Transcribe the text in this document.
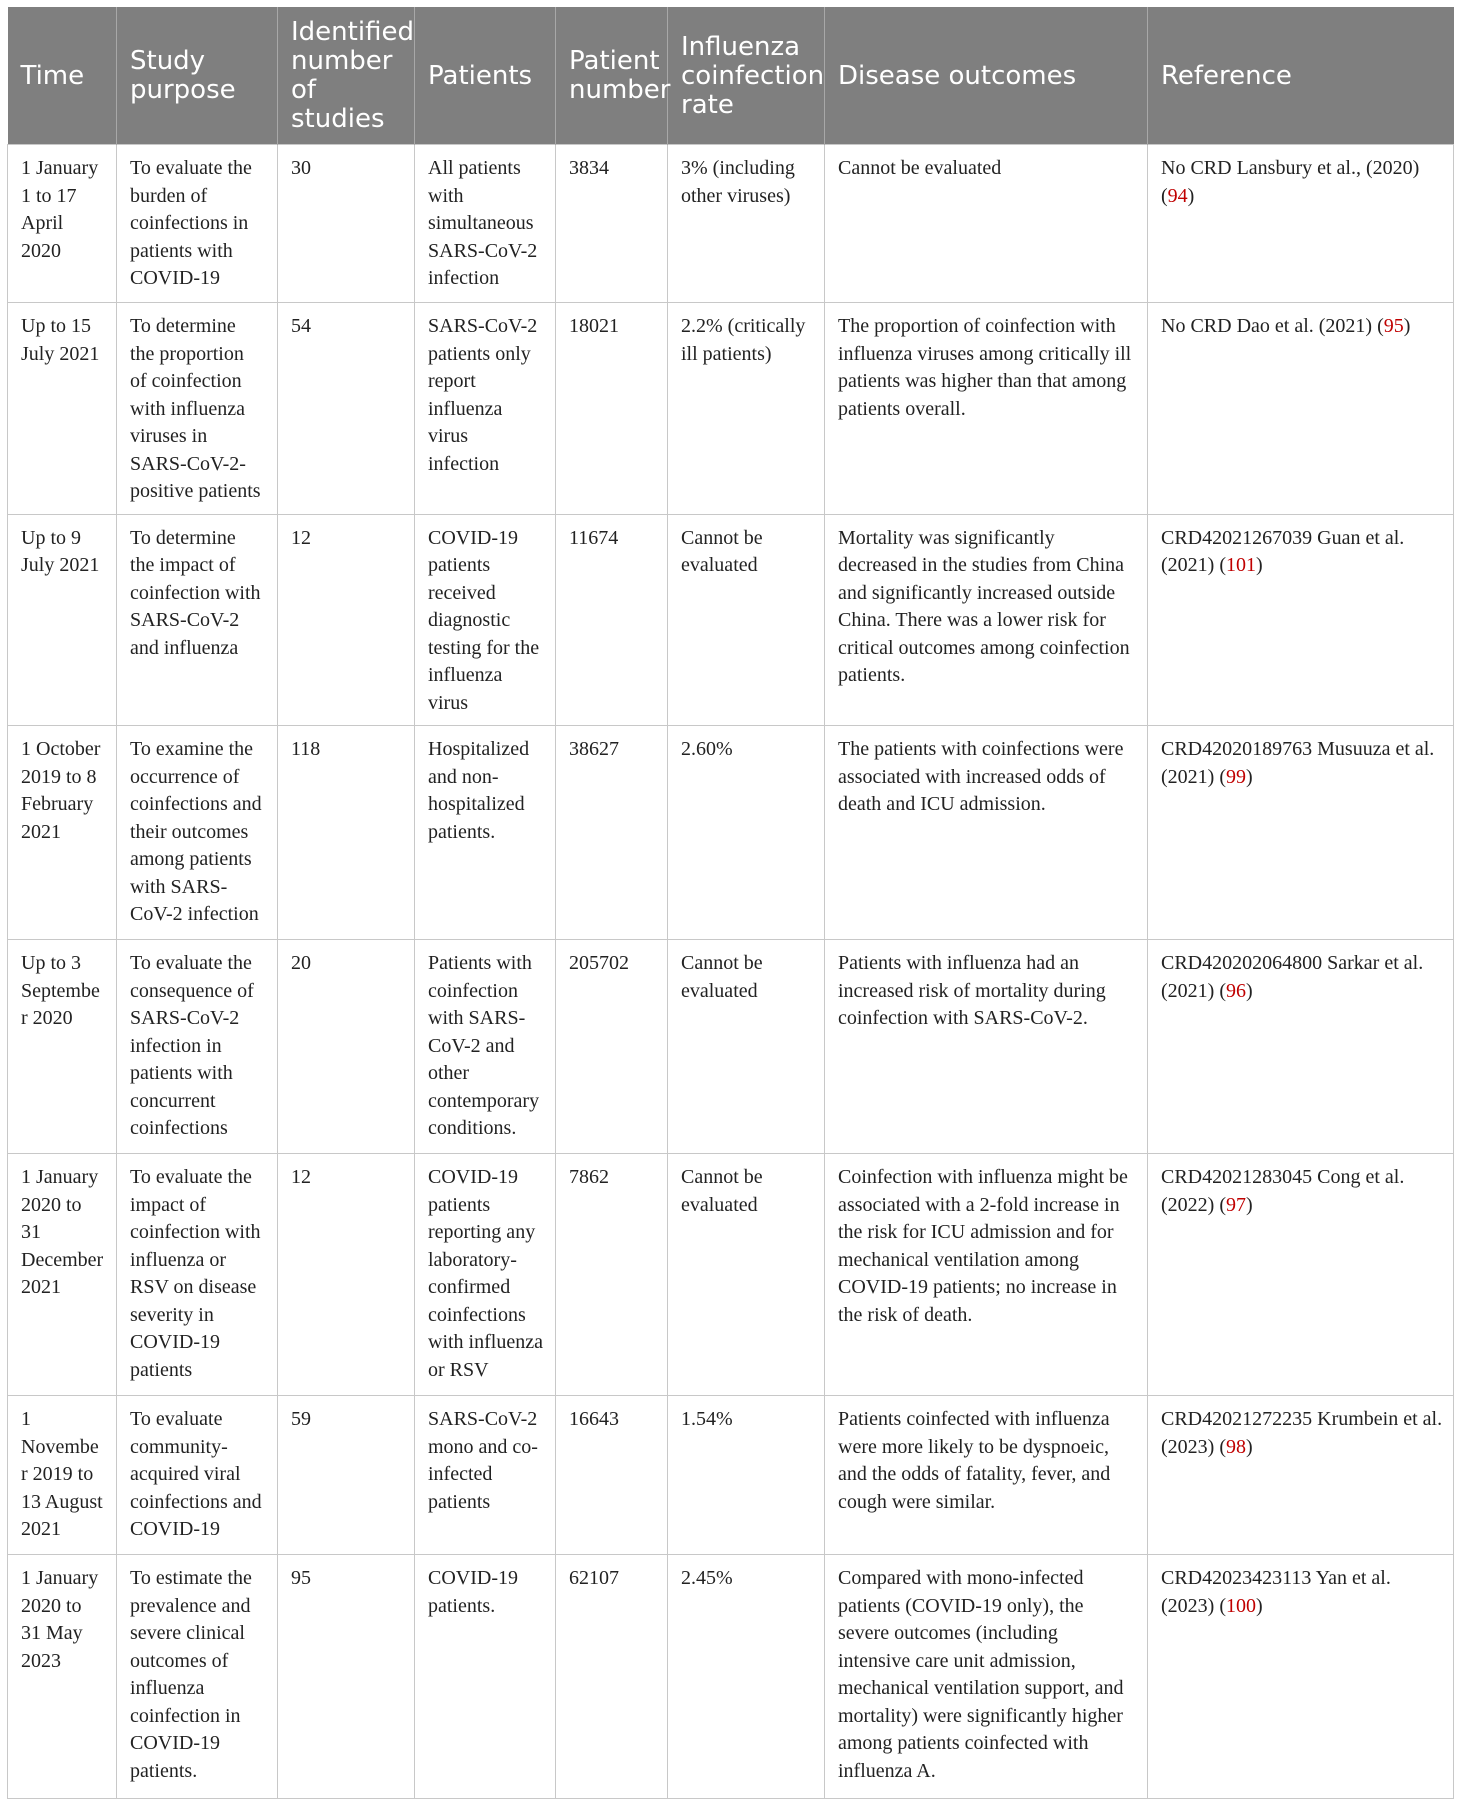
Time	Study purpose	Identified number of studies	Patients	Patient number	Influenza coinfection rate	Disease outcomes	Reference
1 January 1 to 17 April 2020	To evaluate the burden of coinfections in patients with COVID-19	30	All patients with simultaneous SARS-CoV-2 infection	3834	3% (including other viruses)	Cannot be evaluated	No CRD Lansbury et al., (2020) (94)
Up to 15 July 2021	To determine the proportion of coinfection with influenza viruses in SARS-CoV-2-positive patients	54	SARS-CoV-2 patients only report influenza virus infection	18021	2.2% (critically ill patients)	The proportion of coinfection with influenza viruses among critically ill patients was higher than that among patients overall.	No CRD Dao et al. (2021) (95)
Up to 9 July 2021	To determine the impact of coinfection with SARS-CoV-2 and influenza	12	COVID-19 patients received diagnostic testing for the influenza virus	11674	Cannot be evaluated	Mortality was significantly decreased in the studies from China and significantly increased outside China. There was a lower risk for critical outcomes among coinfection patients.	CRD42021267039 Guan et al. (2021) (101)
1 October 2019 to 8 February 2021	To examine the occurrence of coinfections and their outcomes among patients with SARS-CoV-2 infection	118	Hospitalized and non-hospitalized patients.	38627	2.60%	The patients with coinfections were associated with increased odds of death and ICU admission.	CRD42020189763 Musuuza et al. (2021) (99)
Up to 3 September 2020	To evaluate the consequence of SARS-CoV-2 infection in patients with concurrent coinfections	20	Patients with coinfection with SARS-CoV-2 and other contemporary conditions.	205702	Cannot be evaluated	Patients with influenza had an increased risk of mortality during coinfection with SARS-CoV-2.	CRD420202064800 Sarkar et al. (2021) (96)
1 January 2020 to 31 December 2021	To evaluate the impact of coinfection with influenza or RSV on disease severity in COVID-19 patients	12	COVID-19 patients reporting any laboratory-confirmed coinfections with influenza or RSV	7862	Cannot be evaluated	Coinfection with influenza might be associated with a 2-fold increase in the risk for ICU admission and for mechanical ventilation among COVID-19 patients; no increase in the risk of death.	CRD42021283045 Cong et al. (2022) (97)
1 November 2019 to 13 August 2021	To evaluate community-acquired viral coinfections and COVID-19	59	SARS-CoV-2 mono and co-infected patients	16643	1.54%	Patients coinfected with influenza were more likely to be dyspnoeic, and the odds of fatality, fever, and cough were similar.	CRD42021272235 Krumbein et al. (2023) (98)
1 January 2020 to 31 May 2023	To estimate the prevalence and severe clinical outcomes of influenza coinfection in COVID-19 patients.	95	COVID-19 patients.	62107	2.45%	Compared with mono-infected patients (COVID-19 only), the severe outcomes (including intensive care unit admission, mechanical ventilation support, and mortality) were significantly higher among patients coinfected with influenza A.	CRD42023423113 Yan et al. (2023) (100)
